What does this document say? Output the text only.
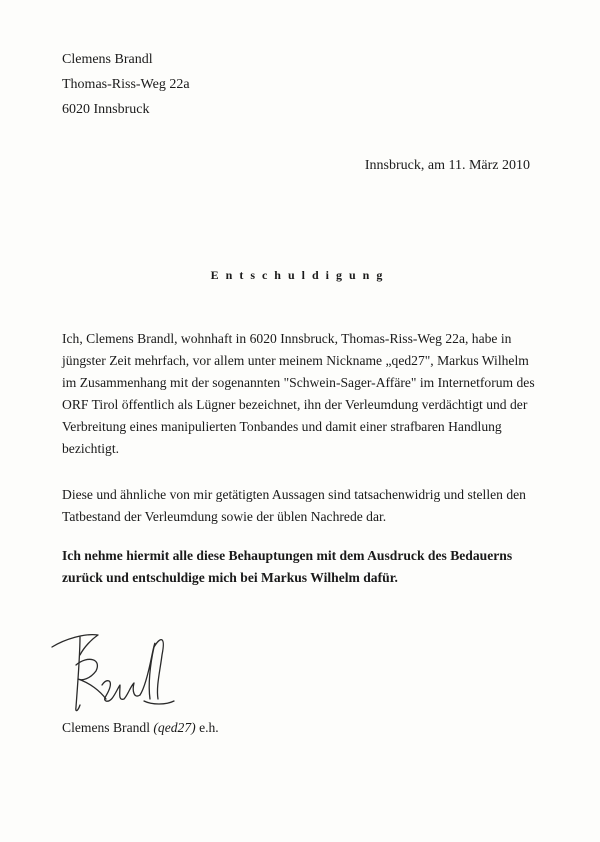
Clemens Brandl
Thomas-Riss-Weg 22a
6020 Innsbruck
Innsbruck, am 11. März 2010
Entschuldigung
Ich, Clemens Brandl, wohnhaft in 6020 Innsbruck, Thomas-Riss-Weg 22a, habe in
jüngster Zeit mehrfach, vor allem unter meinem Nickname „qed27", Markus Wilhelm
im Zusammenhang mit der sogenannten "Schwein-Sager-Affäre" im Internetforum des
ORF Tirol öffentlich als Lügner bezeichnet, ihn der Verleumdung verdächtigt und der
Verbreitung eines manipulierten Tonbandes und damit einer strafbaren Handlung
bezichtigt.
Diese und ähnliche von mir getätigten Aussagen sind tatsachenwidrig und stellen den
Tatbestand der Verleumdung sowie der üblen Nachrede dar.
Ich nehme hiermit alle diese Behauptungen mit dem Ausdruck des Bedauerns
zurück und entschuldige mich bei Markus Wilhelm dafür.
Clemens Brandl (qed27) e.h.
